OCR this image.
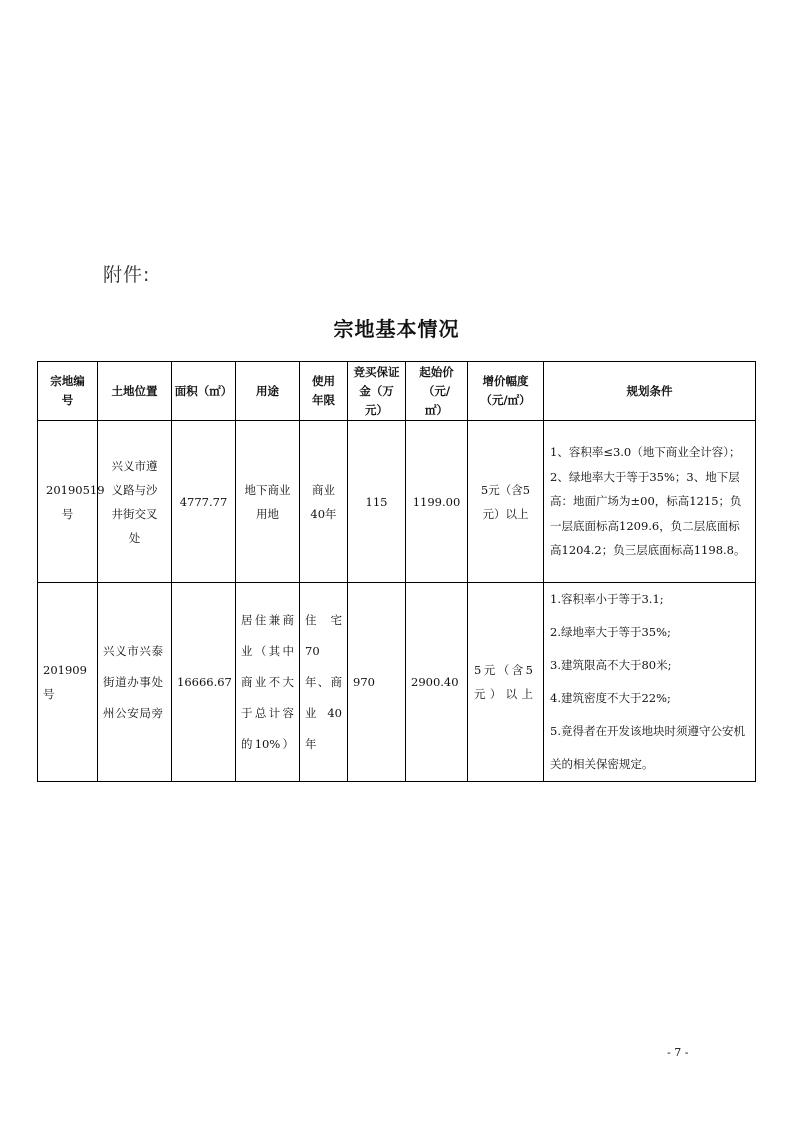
附件:
宗地基本情况
宗地编号	土地位置	面积（㎡）	用途	使用年限	竞买保证金（万元）	起始价（元/㎡）	增价幅度（元/㎡）	规划条件
20190519号	兴义市遵义路与沙井街交叉处	4777.77	地下商业用地	商业40年	115	1199.00	5元（含5元）以上	1、容积率≤3.0（地下商业全计容）；2、绿地率大于等于35%；3、地下层高：地面广场为±00，标高1215；负一层底面标高1209.6，负二层底面标高1204.2；负三层底面标高1198.8。

201909号	兴义市兴泰街道办事处州公安局旁	16666.67	居住兼商业（其中商业不大于总计容的10%）	住宅70年、商业40年	970	2900.40	5元（含5元）以上	1.容积率小于等于3.1;
2.绿地率大于等于35%;
3.建筑限高不大于80米;
4.建筑密度不大于22%;
5.竟得者在开发该地块时须遵守公安机关的相关保密规定。
- 7 -
